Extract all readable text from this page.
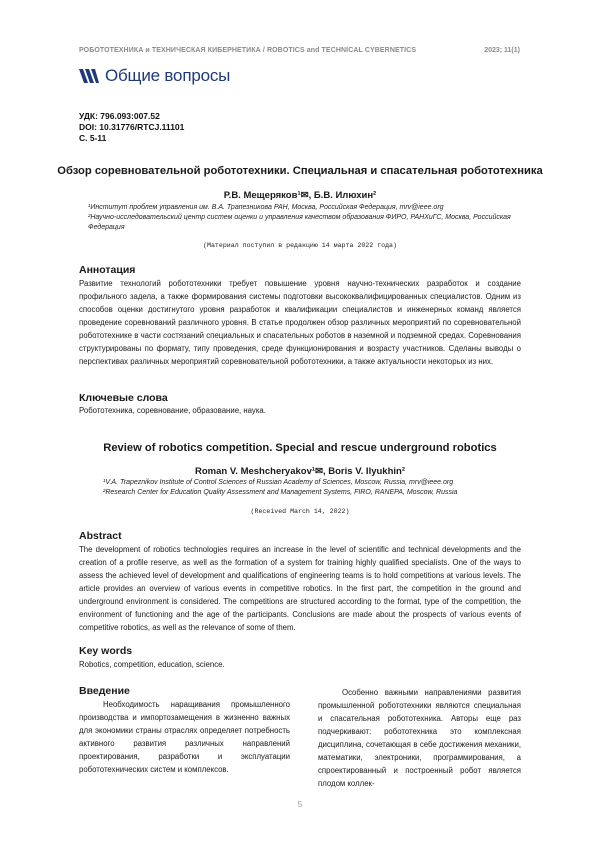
РОБОТОТЕХНИКА и ТЕХНИЧЕСКАЯ КИБЕРНЕТИКА / ROBOTICS and TECHNICAL CYBERNETICS	2023; 11(1)
Общие вопросы
УДК: 796.093:007.52
DOI: 10.31776/RTCJ.11101
С. 5-11
Обзор соревновательной робототехники. Специальная и спасательная робототехника
Р.В. Мещеряков¹✉, Б.В. Илюхин²
¹Институт проблем управления им. В.А. Трапезникова РАН, Москва, Российская Федерация, mrv@ieee.org
²Научно-исследовательский центр систем оценки и управления качеством образования ФИРО, РАНХиГС, Москва, Российская Федерация
(Материал поступил в редакцию 14 марта 2022 года)
Аннотация
Развитие технологий робототехники требует повышение уровня научно-технических разработок и создание профильного задела, а также формирования системы подготовки высококвалифицированных специалистов. Одним из способов оценки достигнутого уровня разработок и квалификации специалистов и инженерных команд является проведение соревнований различного уровня. В статье продолжен обзор различных мероприятий по соревновательной робототехнике в части состязаний специальных и спасательных роботов в наземной и подземной средах. Соревнования структурированы по формату, типу проведения, среде функционирования и возрасту участников. Сделаны выводы о перспективах различных мероприятий соревновательной робототехники, а также актуальности некоторых из них.
Ключевые слова
Робототехника, соревнование, образование, наука.
Review of robotics competition. Special and rescue underground robotics
Roman V. Meshcheryakov¹✉, Boris V. Ilyukhin²
¹V.A. Trapeznikov Institute of Control Sciences of Russian Academy of Sciences, Moscow, Russia, mrv@ieee.org
²Research Center for Education Quality Assessment and Management Systems, FIRO, RANEPA, Moscow, Russia
(Received March 14, 2022)
Abstract
The development of robotics technologies requires an increase in the level of scientific and technical developments and the creation of a profile reserve, as well as the formation of a system for training highly qualified specialists. One of the ways to assess the achieved level of development and qualifications of engineering teams is to hold competitions at various levels. The article provides an overview of various events in competitive robotics. In the first part, the competition in the ground and underground environment is considered. The competitions are structured according to the format, type of the competition, the environment of functioning and the age of the participants. Conclusions are made about the prospects of various events of competitive robotics, as well as the relevance of some of them.
Key words
Robotics, competition, education, science.
Введение
Необходимость наращивания промышленного производства и импортозамещения в жизненно важных для экономики страны отраслях определяет потребность активного развития различных направлений проектирования, разработки и эксплуатации робототехнических систем и комплексов.
Особенно важными направлениями развития промышленной робототехники являются специальная и спасательная робототехника. Авторы еще раз подчеркивают: робототехника это комплексная дисциплина, сочетающая в себе достижения механики, математики, электроники, программирования, а спроектированный и построенный робот является плодом коллек-
5
